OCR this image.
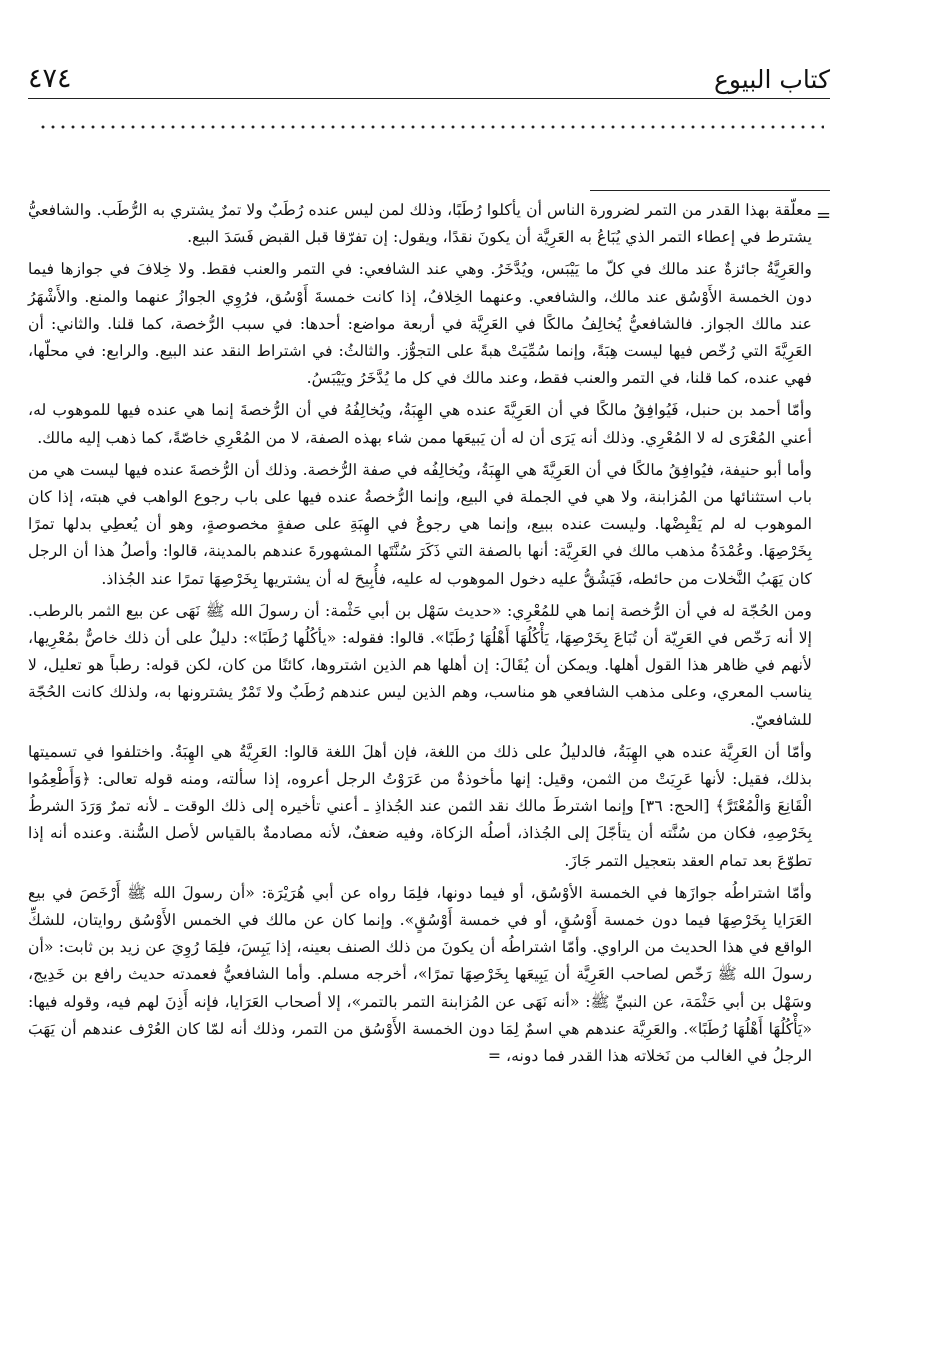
٤٧٤	كتاب البيوع
=

معلّقة بهذا القدر من التمر لضرورة الناس أن يأكلوا رُطَبًا، وذلك لمن ليس عنده رُطَبٌ ولا تمرٌ يشتري به الرُّطَب. والشافعيُّ يشترط في إعطاء التمر الذي يُبَاعُ به العَرِيَّة أن يكونَ نقدًا، ويقول: إن تفرّقا قبل القبض فَسَدَ البيع.

والعَرِيَّةُ جائزةٌ عند مالك في كلّ ما يَيْبَس، ويُدَّخَرُ. وهي عند الشافعي: في التمر والعنب فقط. ولا خِلافَ في جوازها فيما دون الخمسة الأَوْسُق عند مالك، والشافعي. وعنهما الخِلافُ، إذا كانت خمسةَ أَوْسُق، فرُوِي الجوازُ عنهما والمنع. والأَشْهَرُ عند مالك الجواز. فالشافعيُّ يُخالِفُ مالكًا في العَرِيَّة في أربعة مواضع: أحدها: في سبب الرُّخصة، كما قلنا. والثاني: أن العَرِيَّةَ التي رُخّص فيها ليست هِبَةً، وإنما سُمِّيَتْ هبةً على التجوُّز. والثالثُ: في اشتراط النقد عند البيع. والرابع: في محلّها، فهي عنده، كما قلنا، في التمر والعنب فقط، وعند مالك في كل ما يُدَّخَرُ ويَيْبَسُ.

وأمّا أحمد بن حنبل، فَيُوافِقُ مالكًا في أن العَرِيَّةَ عنده هي الهِبَةُ، ويُخالِفُهُ في أن الرُّخصةَ إنما هي عنده فيها للموهوب له، أعني المُعْرَى له لا المُعْرِي. وذلك أنه يَرَى أن له أن يَبيعَها ممن شاء بهذه الصفة، لا من المُعْرِي خاصّةً، كما ذهب إليه مالك.

وأما أبو حنيفة، فيُوافِقُ مالكًا في أن العَرِيَّةَ هي الهِبَةُ، ويُخالِفُه في صفة الرُّخصة. وذلك أن الرُّخصةَ عنده فيها ليست هي من باب استثنائها من المُزابنة، ولا هي في الجملة في البيع، وإنما الرُّخصةُ عنده فيها على باب رجوع الواهب في هبته، إذا كان الموهوب له لم يَقْبِضْها. وليست عنده ببيع، وإنما هي رجوعٌ في الهِبَةِ على صفةٍ مخصوصةٍ، وهو أن يُعطِي بدلها تمرًا بِخَرْصِهَا. وعُمْدَةُ مذهب مالك في العَرِيَّة: أنها بالصفة التي ذَكَرَ سُنَّتَها المشهورةَ عندهم بالمدينة، قالوا: وأصلُ هذا أن الرجل كان يَهَبُ النَّخلات من حائطه، فَيَشُقُّ عليه دخول الموهوب له عليه، فأُبِيحَ له أن يشتريها بِخَرْصِهَا تمرًا عند الجُذاذ.

ومن الحُجّة له في أن الرُّخصة إنما هي للمُعْرِي: «حديث سَهْل بن أبي حَثْمة: أن رسولَ الله ﷺ نَهَى عن بيع الثمر بالرطب. إلا أنه رَخّص في العَرِيّة أن تُبَاعَ بِخَرْصِهَا، يَأْكُلُهَا أَهْلُهَا رُطَبًا». قالوا: فقوله: «يأكُلُها رُطَبًا»: دليلٌ على أن ذلك خاصٌّ بمُعْرِيها، لأنهم في ظاهر هذا القول أهلها. ويمكن أن يُقَالَ: إن أهلها هم الذين اشتروها، كائنًا من كان، لكن قوله: رطباً هو تعليل، لا يناسب المعري، وعلى مذهب الشافعي هو مناسب، وهم الذين ليس عندهم رُطَبٌ ولا تَمْرٌ يشترونها به، ولذلك كانت الحُجّة للشافعيّ.

وأمّا أن العَرِيَّة عنده هي الهِبَةُ، فالدليلُ على ذلك من اللغة، فإن أهلَ اللغة قالوا: العَرِيَّةُ هي الهِبَةُ. واختلفوا في تسميتها بذلك، فقيل: لأنها عَرِيَتْ من الثمن، وقيل: إنها مأخوذةٌ من عَرَوْتُ الرجل أعروه، إذا سألته، ومنه قوله تعالى: ﴿وَأَطْعِمُوا الْقَانِعَ وَالْمُعْتَرَّ﴾ [الحج: ٣٦] وإنما اشترطَ مالك نقد الثمن عند الجُذاذِ ـ أعني تأخيره إلى ذلك الوقت ـ لأنه تمرٌ وَرَدَ الشرطُ بِخَرْصِهِ، فكان من سُنَّته أن يتأجّلَ إلى الجُذاذ، أصلُه الزكاة، وفيه ضعفٌ، لأنه مصادمةٌ بالقياس لأصل السُّنة. وعنده أنه إذا تطوّعَ بعد تمام العقد بتعجيل التمر جَازَ.

وأمّا اشتراطُه جوازَها في الخمسة الأوْسُق، أو فيما دونها، فلِمَا رواه عن أبي هُرَيْرَة: «أن رسولَ الله ﷺ أَرْخَصَ في بيع العَرَايا بِخَرْصِهَا فيما دون خمسة أَوْسُقٍ، أو في خمسة أَوْسُقٍ». وإنما كان عن مالك في الخمس الأَوْسُق روايتان، للشكِّ الواقع في هذا الحديث من الراوي. وأمّا اشتراطُه أن يكونَ من ذلك الصنف بعينه، إذا يَبِسَ، فلِمَا رُوِيَ عن زيد بن ثابت: «أن رسولَ الله ﷺ رَخّص لصاحب العَرِيَّة أن يَبِيعَها بِخَرْصِهَا تمرًا»، أخرجه مسلم. وأما الشافعيُّ فعمدته حديث رافع بن خَدِيج، وسَهْل بن أبي حَثْمَة، عن النبيِّ ﷺ: «أنه نَهَى عن المُزابنة التمر بالتمر»، إلا أصحاب العَرَايا، فإنه أَذِنَ لهم فيه، وقوله فيها: «يَأْكُلُهَا أَهْلُهَا رُطَبًا». والعَرِيَّة عندهم هي اسمٌ لِمَا دون الخمسة الأَوْسُق من التمر، وذلك أنه لمّا كان العُرْف عندهم أن يَهَبَ الرجلُ في الغالب من نَخلاته هذا القدر فما دونه، =
